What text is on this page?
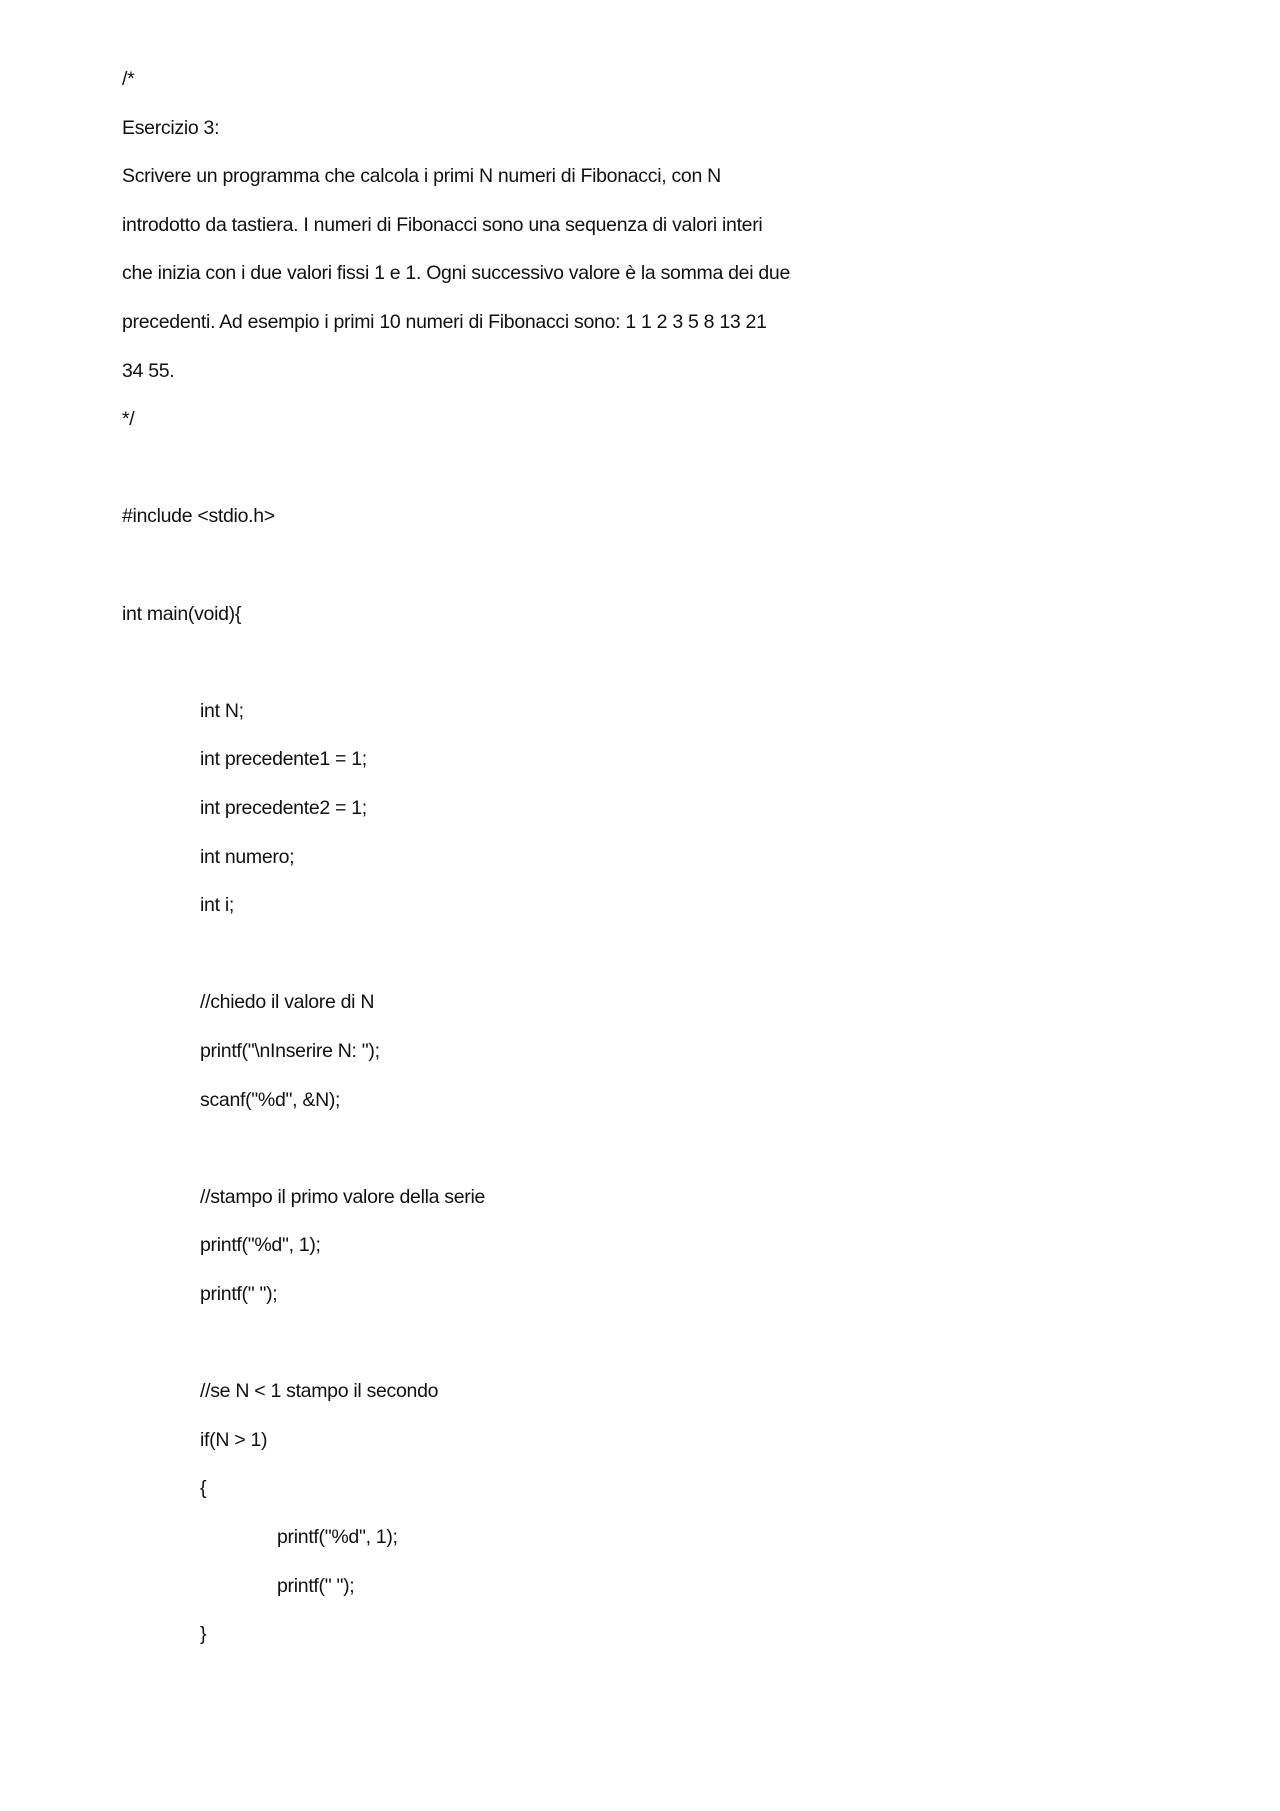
/*
Esercizio 3:
Scrivere un programma che calcola i primi N numeri di Fibonacci, con N
introdotto da tastiera. I numeri di Fibonacci sono una sequenza di valori interi
che inizia con i due valori fissi 1 e 1. Ogni successivo valore è la somma dei due
precedenti. Ad esempio i primi 10 numeri di Fibonacci sono: 1 1 2 3 5 8 13 21
34 55.
*/
#include <stdio.h>
int main(void){
int N;
int precedente1 = 1;
int precedente2 = 1;
int numero;
int i;
//chiedo il valore di N
printf("\nInserire N: ");
scanf("%d", &N);
//stampo il primo valore della serie
printf("%d", 1);
printf(" ");
//se N < 1 stampo il secondo
if(N > 1)
{
printf("%d", 1);
printf(" ");
}
